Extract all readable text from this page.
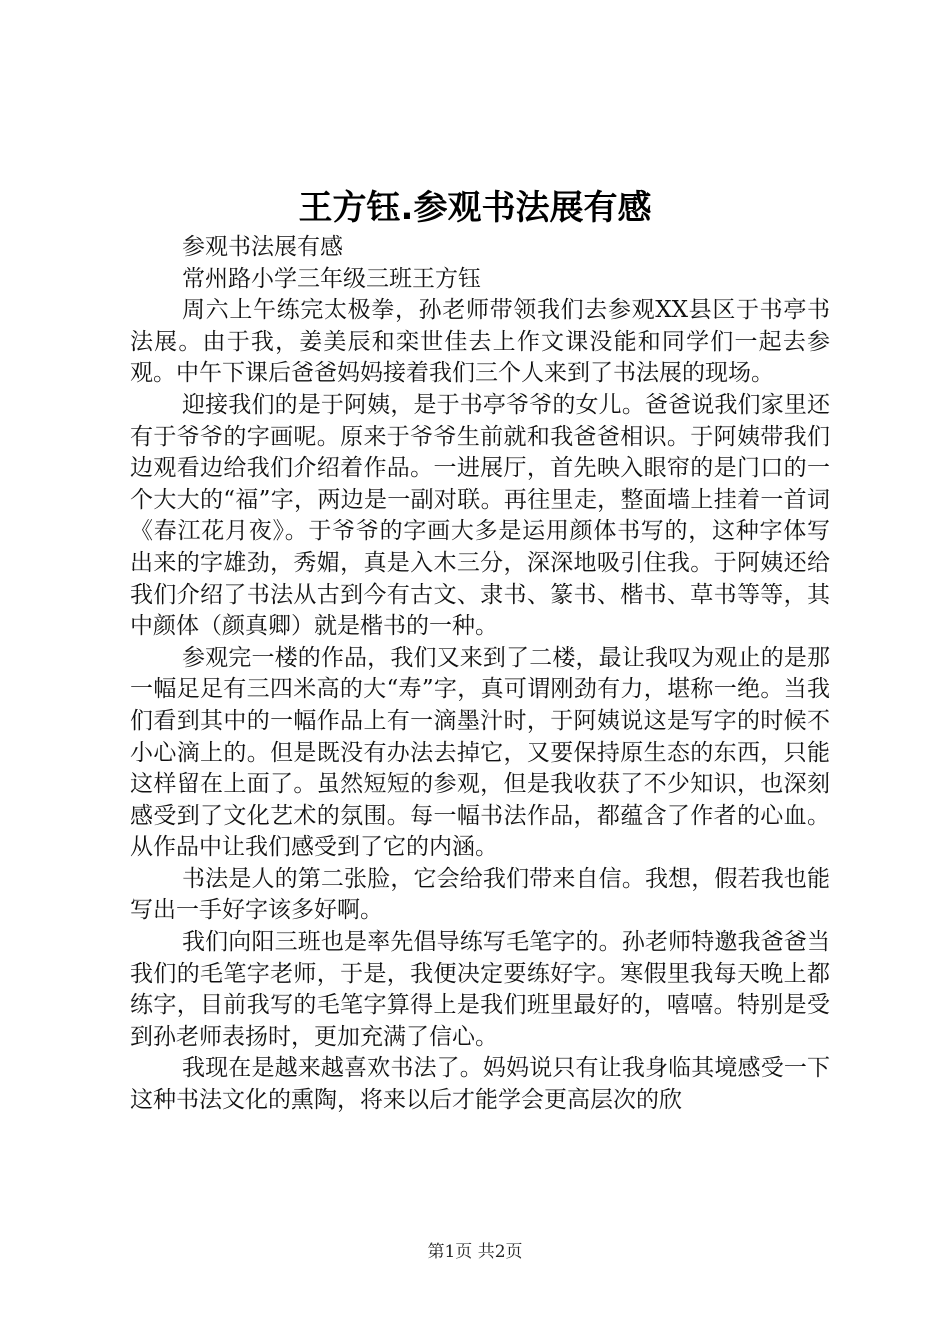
王方钰.参观书法展有感

参观书法展有感

常州路小学三年级三班王方钰

周六上午练完太极拳，孙老师带领我们去参观XX县区于书亭书法展。由于我，姜美辰和栾世佳去上作文课没能和同学们一起去参观。中午下课后爸爸妈妈接着我们三个人来到了书法展的现场。

迎接我们的是于阿姨，是于书亭爷爷的女儿。爸爸说我们家里还有于爷爷的字画呢。原来于爷爷生前就和我爸爸相识。于阿姨带我们边观看边给我们介绍着作品。一进展厅，首先映入眼帘的是门口的一个大大的“福”字，两边是一副对联。再往里走，整面墙上挂着一首词《春江花月夜》。于爷爷的字画大多是运用颜体书写的，这种字体写出来的字雄劲，秀媚，真是入木三分，深深地吸引住我。于阿姨还给我们介绍了书法从古到今有古文、隶书、篆书、楷书、草书等等，其中颜体（颜真卿）就是楷书的一种。

参观完一楼的作品，我们又来到了二楼，最让我叹为观止的是那一幅足足有三四米高的大“寿”字，真可谓刚劲有力，堪称一绝。当我们看到其中的一幅作品上有一滴墨汁时，于阿姨说这是写字的时候不小心滴上的。但是既没有办法去掉它，又要保持原生态的东西，只能这样留在上面了。虽然短短的参观，但是我收获了不少知识，也深刻感受到了文化艺术的氛围。每一幅书法作品，都蕴含了作者的心血。从作品中让我们感受到了它的内涵。

书法是人的第二张脸，它会给我们带来自信。我想，假若我也能写出一手好字该多好啊。

我们向阳三班也是率先倡导练写毛笔字的。孙老师特邀我爸爸当我们的毛笔字老师，于是，我便决定要练好字。寒假里我每天晚上都练字，目前我写的毛笔字算得上是我们班里最好的，嘻嘻。特别是受到孙老师表扬时，更加充满了信心。

我现在是越来越喜欢书法了。妈妈说只有让我身临其境感受一下这种书法文化的熏陶，将来以后才能学会更高层次的欣

第1页 共2页
